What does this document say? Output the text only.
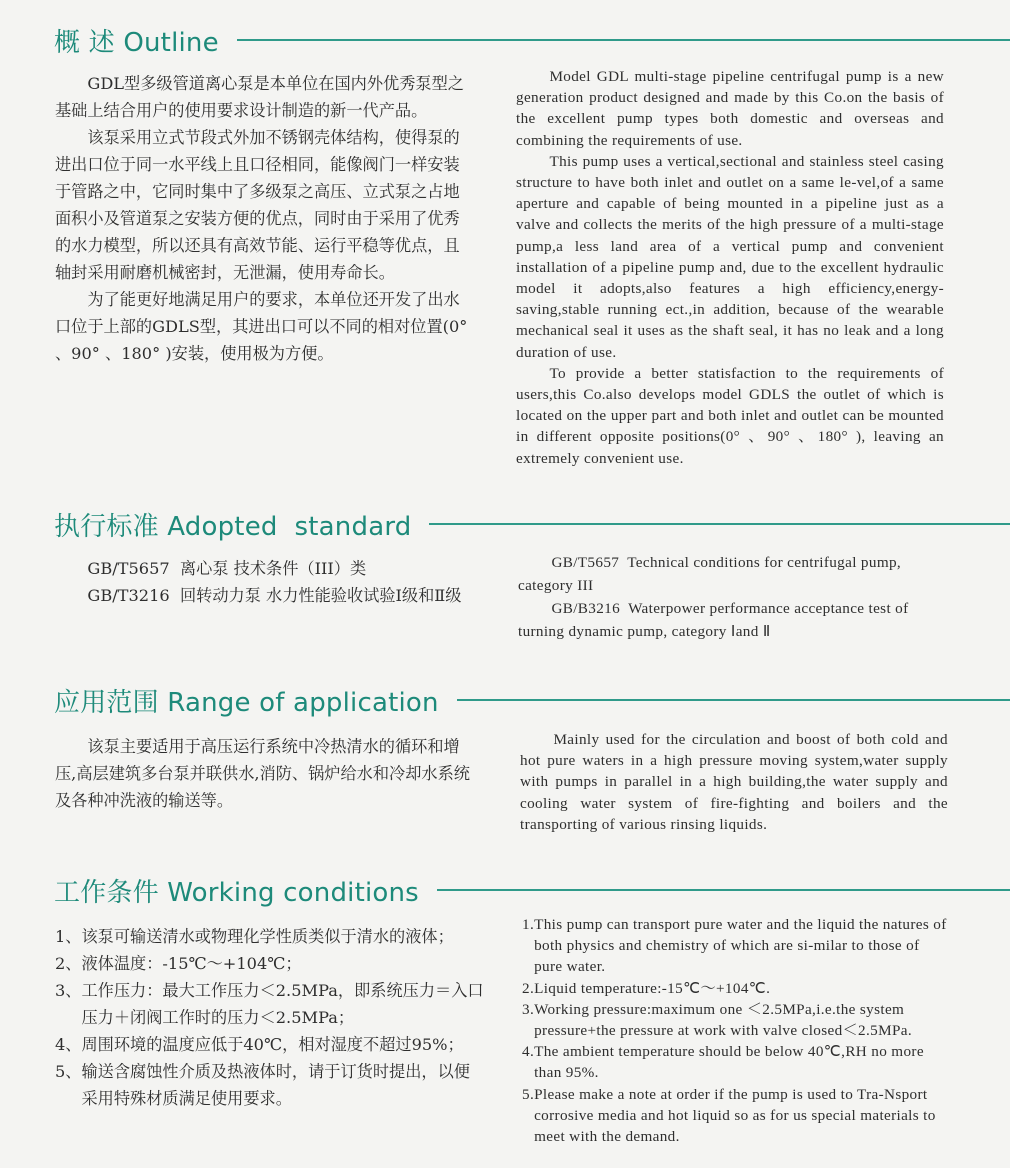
概 述 Outline

GDL型多级管道离心泵是本单位在国内外优秀泵型之基础上结合用户的使用要求设计制造的新一代产品。

该泵采用立式节段式外加不锈钢壳体结构，使得泵的进出口位于同一水平线上且口径相同，能像阀门一样安装于管路之中，它同时集中了多级泵之高压、立式泵之占地面积小及管道泵之安装方便的优点，同时由于采用了优秀的水力模型，所以还具有高效节能、运行平稳等优点，且轴封采用耐磨机械密封，无泄漏，使用寿命长。

为了能更好地满足用户的要求，本单位还开发了出水口位于上部的GDLS型，其进出口可以不同的相对位置(0° 、90° 、180° )安装，使用极为方便。

Model GDL multi-stage pipeline centrifugal pump is a new generation product designed and made by this Co.on the basis of the excellent pump types both domestic and overseas and combining the requirements of use.

This pump uses a vertical,sectional and stainless steel casing structure to have both inlet and outlet on a same le-vel,of a same aperture and capable of being mounted in a pipeline just as a valve and collects the merits of the high pressure of a multi-stage pump,a less land area of a vertical pump and convenient installation of a pipeline pump and, due to the excellent hydraulic model it adopts,also features a high efficiency,energy-saving,stable running ect.,in addition, because of the wearable mechanical seal it uses as the shaft seal, it has no leak and a long duration of use.

To provide a better statisfaction to the requirements of users,this Co.also develops model GDLS the outlet of which is located on the upper part and both inlet and outlet can be mounted in different opposite positions(0° 、90° 、180° ), leaving an extremely convenient use.

执行标准 Adopted  standard

GB/T5657  离心泵 技术条件（III）类

GB/T3216  回转动力泵 水力性能验收试验Ⅰ级和Ⅱ级

GB/T5657  Technical conditions for centrifugal pump, category III

GB/B3216  Waterpower performance acceptance test of turning dynamic pump, category Ⅰand Ⅱ

应用范围 Range of application

该泵主要适用于高压运行系统中冷热清水的循环和增压,高层建筑多台泵并联供水,消防、锅炉给水和冷却水系统及各种冲洗液的输送等。

Mainly used for the circulation and boost of both cold and hot pure waters in a high pressure moving system,water supply with pumps in parallel in a high building,the water supply and cooling water system of fire-fighting and boilers and the transporting of various rinsing liquids.

工作条件 Working conditions
1、 该泵可输送清水或物理化学性质类似于清水的液体；
2、 液体温度：-15℃～+104℃；
3、 工作压力：最大工作压力＜2.5MPa，即系统压力＝入口压力＋闭阀工作时的压力＜2.5MPa；
4、 周围环境的温度应低于40℃，相对湿度不超过95%；
5、 输送含腐蚀性介质及热液体时，请于订货时提出，以便采用特殊材质满足使用要求。
1. This pump can transport pure water and the liquid the natures of both physics and chemistry of which are si-milar to those of pure water.
2. Liquid temperature:-15℃～+104℃.
3. Working pressure:maximum one ＜2.5MPa,i.e.the system pressure+the pressure at work with valve closed＜2.5MPa.
4. The ambient temperature should be below 40℃,RH no more than 95%.
5. Please make a note at order if the pump is used to Tra-Nsport corrosive media and hot liquid so as for us special materials to meet with the demand.
